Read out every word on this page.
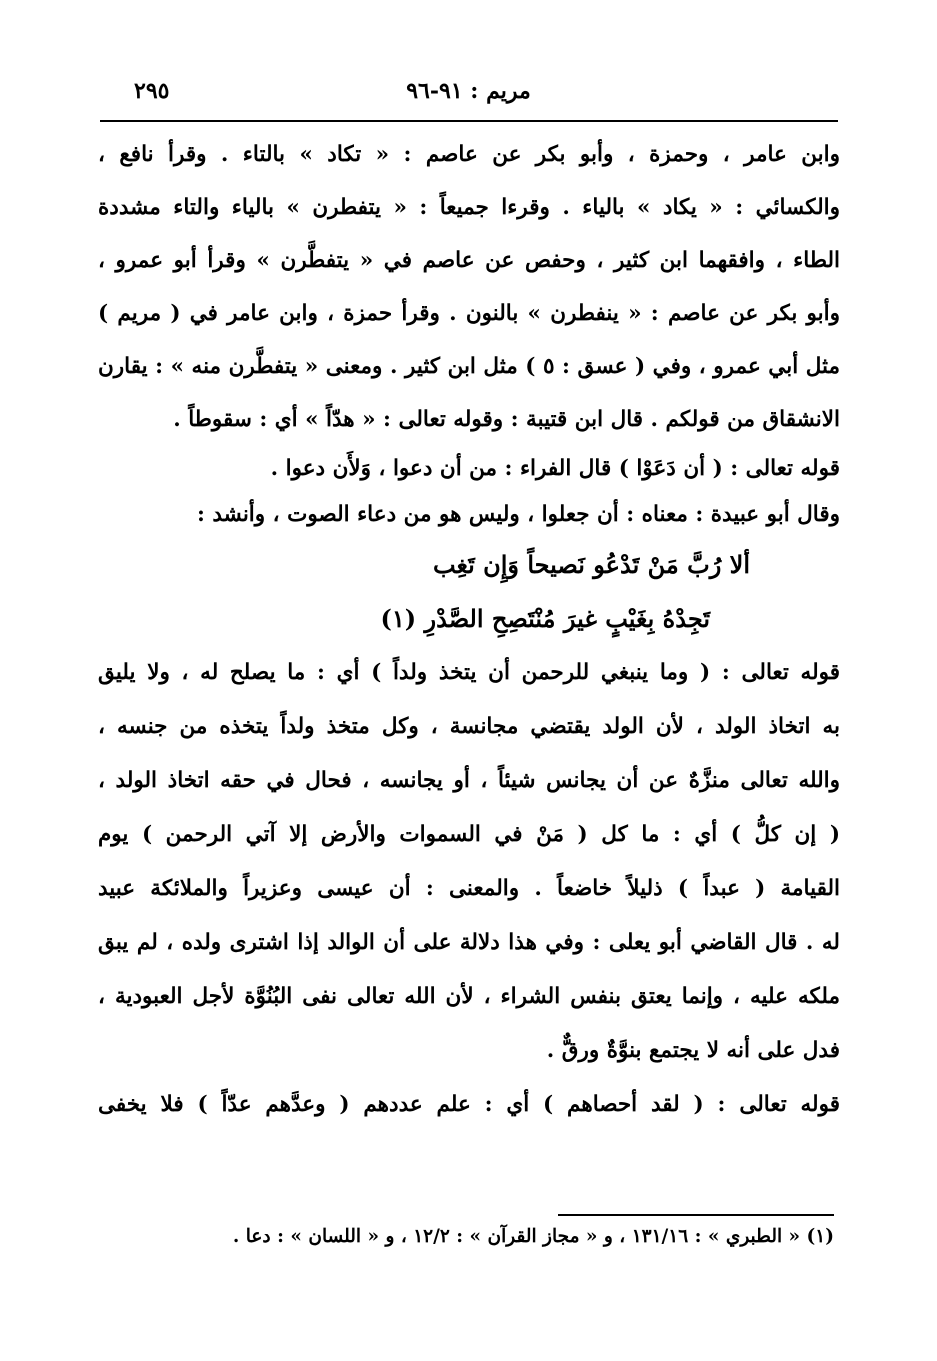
٢٩٥	مريم : ٩١-٩٦
وابن عامر ، وحمزة ، وأبو بكر عن عاصم : « تكاد » بالتاء . وقرأ نافع ،
والكسائي : « يكاد » بالياء . وقرءا جميعاً : « يتفطرن » بالياء والتاء مشددة
الطاء ، وافقهما ابن كثير ، وحفص عن عاصم في « يتفطَّرن » وقرأ أبو عمرو ،
وأبو بكر عن عاصم : « ينفطرن » بالنون . وقرأ حمزة ، وابن عامر في ( مريم )
مثل أبي عمرو ، وفي ( عسق : ٥ ) مثل ابن كثير . ومعنى « يتفطَّرن منه » : يقارن
الانشقاق من قولكم . قال ابن قتيبة : وقوله تعالى : « هدّاً » أي : سقوطاً .
قوله تعالى : ( أن دَعَوْا ) قال الفراء : من أن دعوا ، وَلأَن دعوا .
وقال أبو عبيدة : معناه : أن جعلوا ، وليس هو من دعاء الصوت ، وأنشد :
ألا رُبَّ مَنْ تَدْعُو نَصيحاً وَإِن تَغِب
تَجِدْهُ بِغَيْبٍ غيرَ مُنْتَصِحِ الصَّدْرِ (١)
قوله تعالى : ( وما ينبغي للرحمن أن يتخذ ولداً ) أي : ما يصلح له ، ولا يليق
به اتخاذ الولد ، لأن الولد يقتضي مجانسة ، وكل متخذ ولداً يتخذه من جنسه ،
والله تعالى منزَّهٌ عن أن يجانس شيئاً ، أو يجانسه ، فحال في حقه اتخاذ الولد ،
( إن كلُّ ) أي : ما كل ( مَنْ في السموات والأرض إلا آتي الرحمن ) يوم
القيامة ( عبداً ) ذليلاً خاضعاً . والمعنى : أن عيسى وعزيراً والملائكة عبيد
له . قال القاضي أبو يعلى : وفي هذا دلالة على أن الوالد إذا اشترى ولده ، لم يبق
ملكه عليه ، وإنما يعتق بنفس الشراء ، لأن الله تعالى نفى البُنُوَّة لأجل العبودية ،
فدل على أنه لا يجتمع بنوَّةٌ ورقٌّ .
قوله تعالى : ( لقد أحصاهم ) أي : علم عددهم ( وعدَّهم عدّاً ) فلا يخفى
(١) « الطبري » : ١٣١/١٦ ، و « مجاز القرآن » : ١٢/٢ ، و « اللسان » : دعا .
